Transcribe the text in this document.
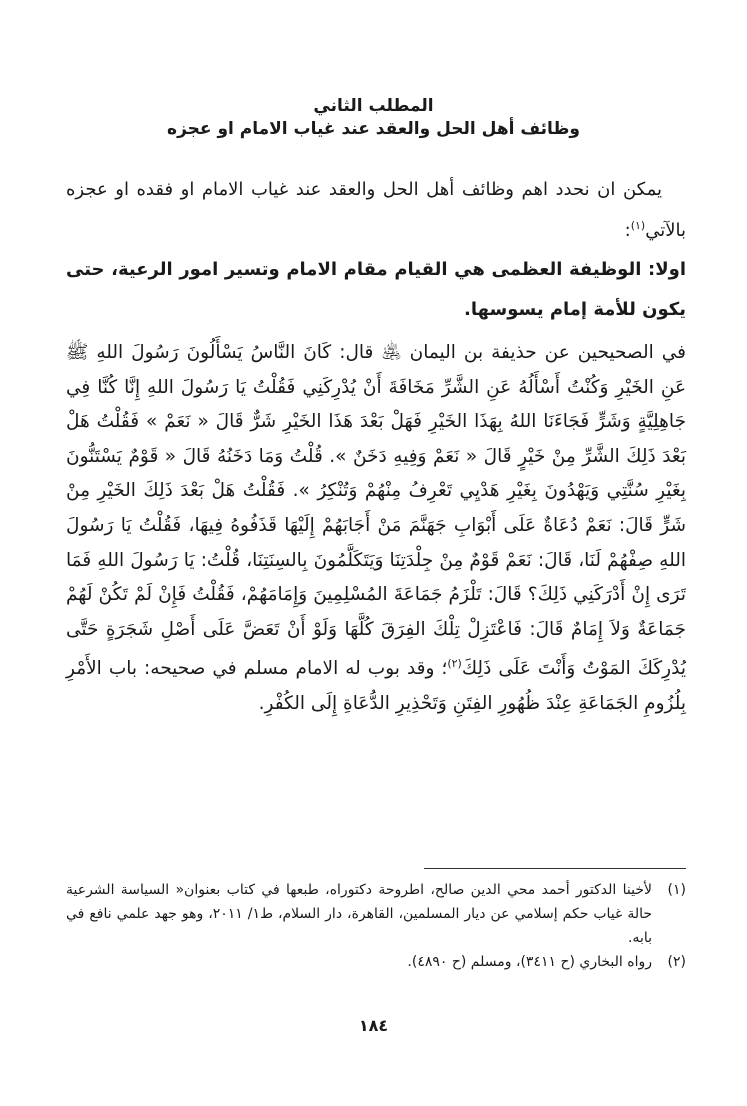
المطلب الثاني
وظائف أهل الحل والعقد عند غياب الامام او عجزه
يمكن ان نحدد اهم وظائف أهل الحل والعقد عند غياب الامام او فقده او عجزه بالآتي$^{(١)}$:
اولا: الوظيفة العظمى هي القيام مقام الامام وتسير امور الرعية، حتى يكون للأمة إمام يسوسها.
في الصحيحين عن حذيفة بن اليمان ﵁ قال: كَانَ النَّاسُ يَسْأَلُونَ رَسُولَ اللهِ ﷺ عَنِ الخَيْرِ وَكُنْتُ أَسْأَلُهُ عَنِ الشَّرِّ مَخَافَةَ أَنْ يُدْرِكَنِي فَقُلْتُ يَا رَسُولَ اللهِ إِنَّا كُنَّا فِي جَاهِلِيَّةٍ وَشَرٍّ فَجَاءَنَا اللهُ بِهَذَا الخَيْرِ فَهَلْ بَعْدَ هَذَا الخَيْرِ شَرٌّ قَالَ « نَعَمْ » فَقُلْتُ هَلْ بَعْدَ ذَلِكَ الشَّرِّ مِنْ خَيْرٍ قَالَ « نَعَمْ وَفِيهِ دَخَنٌ ». قُلْتُ وَمَا دَخَنُهُ قَالَ « قَوْمٌ يَسْتَنُّونَ بِغَيْرِ سُنَّتِي وَيَهْدُونَ بِغَيْرِ هَدْيِي تَعْرِفُ مِنْهُمْ وَتُنْكِرُ ». فَقُلْتُ هَلْ بَعْدَ ذَلِكَ الخَيْرِ مِنْ شَرٍّ قَالَ: نَعَمْ دُعَاةٌ عَلَى أَبْوَابِ جَهَنَّمَ مَنْ أَجَابَهُمْ إِلَيْهَا قَذَفُوهُ فِيهَا، فَقُلْتُ يَا رَسُولَ اللهِ صِفْهُمْ لَنَا، قَالَ: نَعَمْ قَوْمٌ مِنْ جِلْدَتِنَا وَيَتَكَلَّمُونَ بِالسِنَتِنَا، قُلْتُ: يَا رَسُولَ اللهِ فَمَا تَرَى إِنْ أَدْرَكَنِي ذَلِكَ؟ قَالَ: تَلْزَمُ جَمَاعَةَ المُسْلِمِينَ وَإِمَامَهُمْ، فَقُلْتُ فَإِنْ لَمْ تَكُنْ لَهُمْ جَمَاعَةٌ وَلاَ إِمَامٌ قَالَ: فَاعْتَزِلْ تِلْكَ الفِرَقَ كُلَّهَا وَلَوْ أَنْ تَعَضَّ عَلَى أَصْلِ شَجَرَةٍ حَتَّى يُدْرِكَكَ المَوْتُ وَأَنْتَ عَلَى ذَلِكَ$^{(٢)}$؛ وقد بوب له الامام مسلم في صحيحه: باب الأَمْرِ بِلُزُومِ الجَمَاعَةِ عِنْدَ ظُهُورِ الفِتَنِ وَتَحْذِيرِ الدُّعَاةِ إِلَى الكُفْرِ.
(١)
لأخينا الدكتور أحمد محي الدين صالح، اطروحة دكتوراه، طبعها في كتاب بعنوان« السياسة الشرعية حالة غياب حكم إسلامي عن ديار المسلمين، القاهرة، دار السلام، ط١/ ٢٠١١، وهو جهد علمي نافع في بابه.
(٢)
رواه البخاري (ح ٣٤١١)، ومسلم (ح ٤٨٩٠).
١٨٤
